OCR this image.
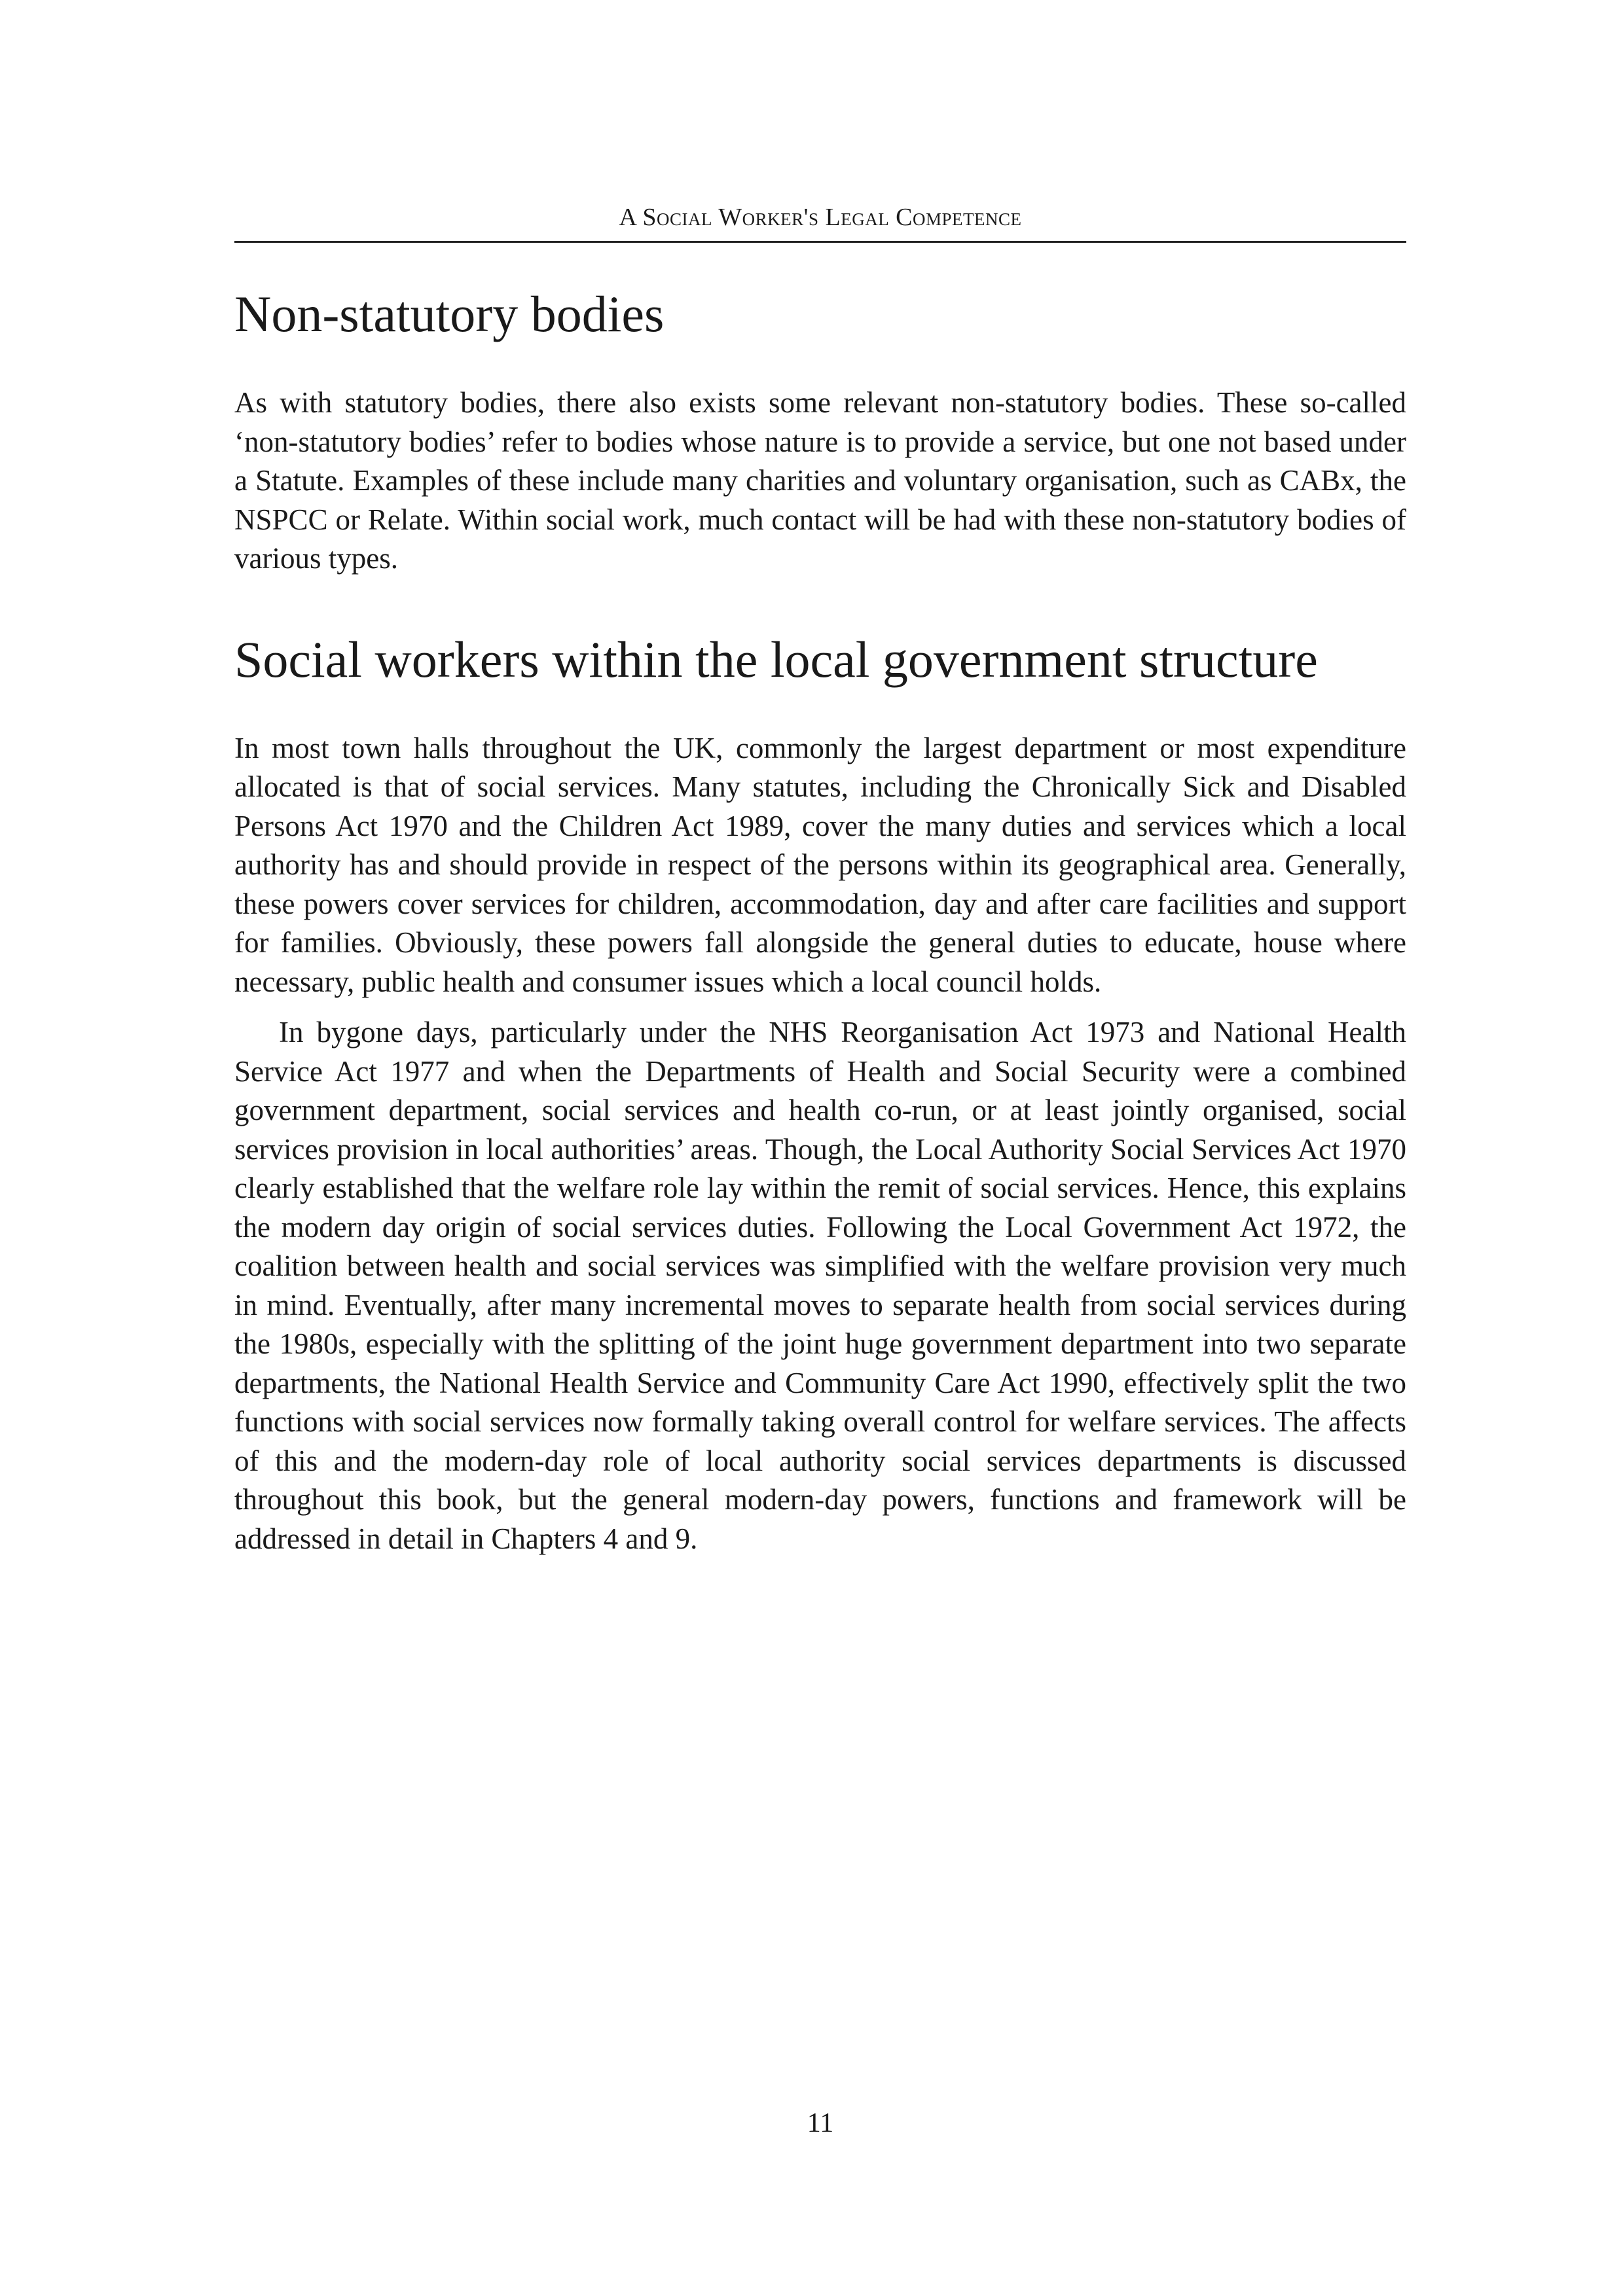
A Social Worker's Legal Competence
Non-statutory bodies

As with statutory bodies, there also exists some relevant non-statutory bodies. These so-called ‘non-statutory bodies’ refer to bodies whose nature is to provide a service, but one not based under a Statute. Examples of these include many charities and voluntary organisation, such as CABx, the NSPCC or Relate. Within social work, much contact will be had with these non-statutory bodies of various types.

Social workers within the local government structure

In most town halls throughout the UK, commonly the largest department or most expenditure allocated is that of social services. Many statutes, including the Chronically Sick and Disabled Persons Act 1970 and the Children Act 1989, cover the many duties and services which a local authority has and should provide in respect of the persons within its geographical area. Generally, these powers cover services for children, accommodation, day and after care facilities and support for families. Obviously, these powers fall alongside the general duties to educate, house where necessary, public health and consumer issues which a local council holds.

In bygone days, particularly under the NHS Reorganisation Act 1973 and National Health Service Act 1977 and when the Departments of Health and Social Security were a combined government department, social services and health co-run, or at least jointly organised, social services provision in local authorities’ areas. Though, the Local Authority Social Services Act 1970 clearly established that the welfare role lay within the remit of social services. Hence, this explains the modern day origin of social services duties. Following the Local Government Act 1972, the coalition between health and social services was simplified with the welfare provision very much in mind. Eventually, after many incremental moves to separate health from social services during the 1980s, especially with the splitting of the joint huge government department into two separate departments, the National Health Service and Community Care Act 1990, effectively split the two functions with social services now formally taking overall control for welfare services. The affects of this and the modern-day role of local authority social services departments is discussed throughout this book, but the general modern-day powers, functions and framework will be addressed in detail in Chapters 4 and 9.

11
